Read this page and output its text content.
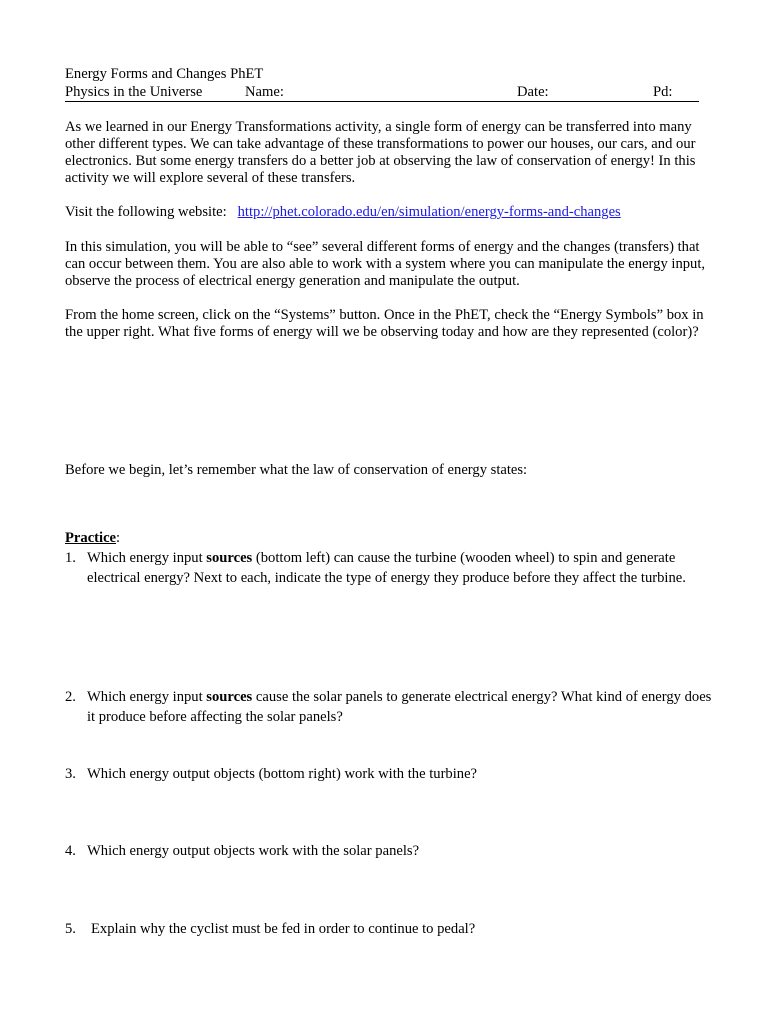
Energy Forms and Changes PhET

Physics in the Universe	Name:	Date:	Pd:

As we learned in our Energy Transformations activity, a single form of energy can be transferred into many other different types. We can take advantage of these transformations to power our houses, our cars, and our electronics. But some energy transfers do a better job at observing the law of conservation of energy! In this activity we will explore several of these transfers.

Visit the following website: http://phet.colorado.edu/en/simulation/energy-forms-and-changes

In this simulation, you will be able to “see” several different forms of energy and the changes (transfers) that can occur between them. You are also able to work with a system where you can manipulate the energy input, observe the process of electrical energy generation and manipulate the output.

From the home screen, click on the “Systems” button. Once in the PhET, check the “Energy Symbols” box in the upper right. What five forms of energy will we be observing today and how are they represented (color)?

Before we begin, let’s remember what the law of conservation of energy states:

Practice:

1. Which energy input sources (bottom left) can cause the turbine (wooden wheel) to spin and generate electrical energy? Next to each, indicate the type of energy they produce before they affect the turbine.
2. Which energy input sources cause the solar panels to generate electrical energy? What kind of energy does it produce before affecting the solar panels?
3. Which energy output objects (bottom right) work with the turbine?
4. Which energy output objects work with the solar panels?
5.	Explain why the cyclist must be fed in order to continue to pedal?
